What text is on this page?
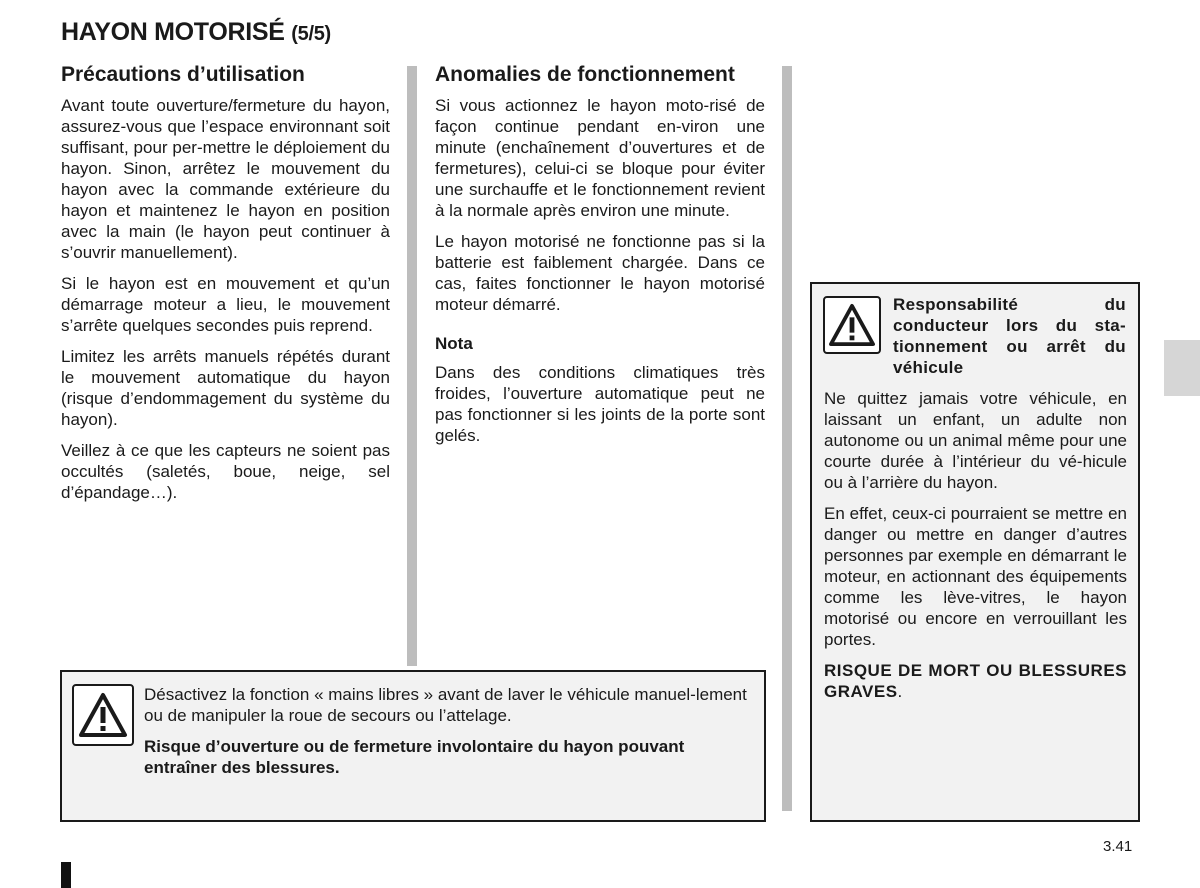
HAYON MOTORISÉ (5/5)
Précautions d’utilisation

Avant toute ouverture/fermeture du hayon, assurez-vous que l’espace environnant soit suffisant, pour per-mettre le déploiement du hayon. Sinon, arrêtez le mouvement du hayon avec la commande extérieure du hayon et maintenez le hayon en position avec la main (le hayon peut continuer à s’ouvrir manuellement).

Si le hayon est en mouvement et qu’un démarrage moteur a lieu, le mouvement s’arrête quelques secondes puis reprend.

Limitez les arrêts manuels répétés durant le mouvement automatique du hayon (risque d’endommagement du système du hayon).

Veillez à ce que les capteurs ne soient pas occultés (saletés, boue, neige, sel d’épandage…).

Anomalies de fonctionnement

Si vous actionnez le hayon moto-risé de façon continue pendant en-viron une minute (enchaînement d’ouvertures et de fermetures), celui-ci se bloque pour éviter une surchauffe et le fonctionnement revient à la normale après environ une minute.

Le hayon motorisé ne fonctionne pas si la batterie est faiblement chargée. Dans ce cas, faites fonctionner le hayon motorisé moteur démarré.

Nota

Dans des conditions climatiques très froides, l’ouverture automatique peut ne pas fonctionner si les joints de la porte sont gelés.

Désactivez la fonction « mains libres » avant de laver le véhicule manuel-lement ou de manipuler la roue de secours ou l’attelage.

Risque d’ouverture ou de fermeture involontaire du hayon pouvant entraîner des blessures.

Responsabilité du conducteur lors du sta-tionnement ou arrêt du véhicule

Ne quittez jamais votre véhicule, en laissant un enfant, un adulte non autonome ou un animal même pour une courte durée à l’intérieur du vé-hicule ou à l’arrière du hayon.

En effet, ceux-ci pourraient se mettre en danger ou mettre en danger d’autres personnes par exemple en démarrant le moteur, en actionnant des équipements comme les lève-vitres, le hayon motorisé ou encore en verrouillant les portes.

RISQUE DE MORT OU BLESSURES GRAVES.

3.41
